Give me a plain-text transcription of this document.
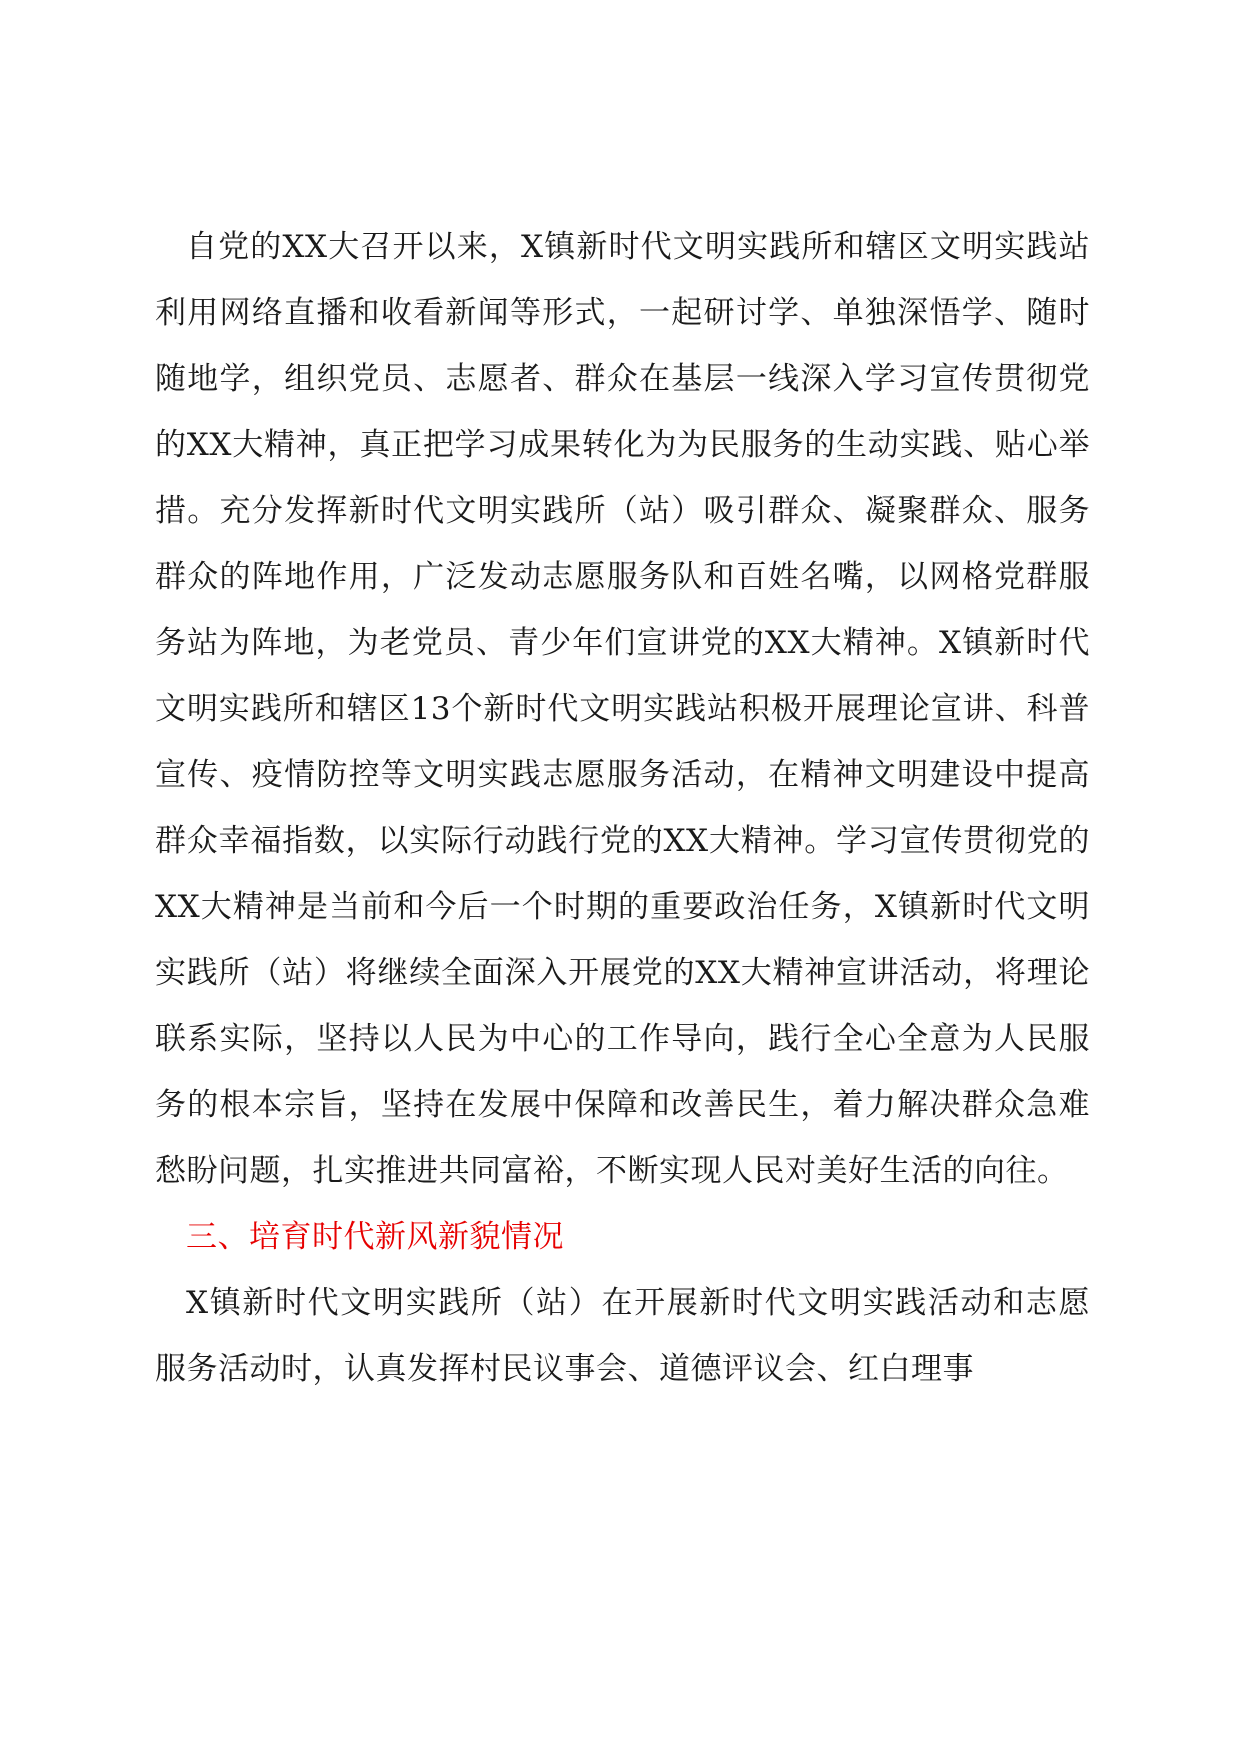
自党的XX大召开以来，X镇新时代文明实践所和辖区文明实践站利用网络直播和收看新闻等形式，一起研讨学、单独深悟学、随时随地学，组织党员、志愿者、群众在基层一线深入学习宣传贯彻党的XX大精神，真正把学习成果转化为为民服务的生动实践、贴心举措。充分发挥新时代文明实践所（站）吸引群众、凝聚群众、服务群众的阵地作用，广泛发动志愿服务队和百姓名嘴，以网格党群服务站为阵地，为老党员、青少年们宣讲党的XX大精神。X镇新时代文明实践所和辖区13个新时代文明实践站积极开展理论宣讲、科普宣传、疫情防控等文明实践志愿服务活动，在精神文明建设中提高群众幸福指数，以实际行动践行党的XX大精神。学习宣传贯彻党的XX大精神是当前和今后一个时期的重要政治任务，X镇新时代文明实践所（站）将继续全面深入开展党的XX大精神宣讲活动，将理论联系实际，坚持以人民为中心的工作导向，践行全心全意为人民服务的根本宗旨，坚持在发展中保障和改善民生，着力解决群众急难愁盼问题，扎实推进共同富裕，不断实现人民对美好生活的向往。

三、培育时代新风新貌情况

X镇新时代文明实践所（站）在开展新时代文明实践活动和志愿服务活动时，认真发挥村民议事会、道德评议会、红白理事
